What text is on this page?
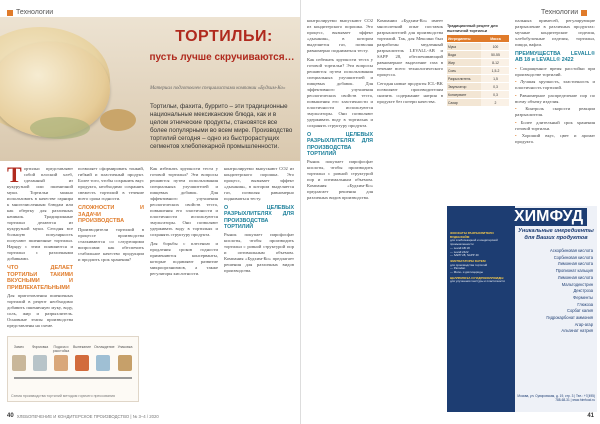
Технологии
ТОРТИЛЬИ:
пусть лучше скручиваются…
Материал подготовлен специалистами компании «Будхим-Ко»
Тортильи, фахита, буррито – эти традиционные национальные мексиканские блюда, как и в целом этнические продукты, становятся все более популярными во всем мире. Производство тортилий сегодня – одно из быстрорастущих сегментов хлебопекарной промышленности.
Т ортильи представляют собой плоский хлеб, сделанный из кукурузной или пшеничной муки. Тортильи можно использовать в качестве гарнира к многочисленным блюдам или как обертку для различных начинок. Традиционные тортильи делаются из кукурузной муки. Сегодня все большую популярность получают пшеничные тортильи. Наряду с этим появляются и тортильи с различными добавками.
ЧТО ДЕЛАЕТ ТОРТИЛЬИ ТАКИМИ ВКУСНЫМИ И ПРИВЛЕКАТЕЛЬНЫМИ
Для приготовления пшеничных тортилий в рецепт необходимо добавить пшеничную муку, воду, соль, жир и разрыхлитель. Основные этапы производства представлены на схеме.
позволяет сформировать тонкий, гибкий и пластичный продукт. Более того, чтобы сохранить вкус продукта, необходимо сохранять свежесть тортилий в течение всего срока годности.
СЛОЖНОСТИ И ЗАДАЧИ ПРОИЗВОДСТВА
Производители тортилий в процессе производства сталкиваются со следующими вопросами: как обеспечить стабильное качество продукции и продлить срок хранения?
Как избежать хрупкости теста у готовой тортильи? Эти вопросы решаются путем использования специальных улучшителей и пищевых добавок. Для эффективного улучшения реологических свойств теста, повышения его эластичности и пластичности используются эмульгаторы. Они позволяют удерживать воду в тортильях и сохранять структуру продукта.
Для борьбы с плесенью и продления сроков годности применяются консерванты, которые подавляют развитие микроорганизмов, а также регуляторы кислотности.
контролируемо выпускают СО2 из кондитерского порошка. Это процесс, вызывает эффект «дыхания», в котором выделяется газ, позволяя равномерно подниматься тесту.
О ЦЕЛЕВЫХ РАЗРЫХЛИТЕЛЯХ ДЛЯ ПРОИЗВОДСТВА ТОРТИЛИЙ
Рынок покупает пирофосфат кислоты, чтобы производить тортильи с ровной структурой пор и оптимальным объемом. Компания «Будхим-Ко» предлагает решения для различных видов производства.
Замес	Формовка	Подача и расстойка
Выпекание Охлаждение Упаковка
Схема производства тортилий методом горячего прессования
40 ХЛЕБОПЕЧЕНИЕ И КОНДИТЕРСКОЕ ПРОИЗВОДСТВО | № 3–4 / 2020
Технологии
контролируемо выпускают СО2 из кондитерского порошка. Это процесс, вызывает эффект «дыхания», в котором выделяется газ, позволяя равномерно подниматься тесту.
Как избежать хрупкости теста у готовой тортильи? Эти вопросы решаются путем использования специальных улучшителей и пищевых добавок. Для эффективного улучшения реологических свойств теста, повышения его эластичности и пластичности используются эмульгаторы. Они позволяют удерживать воду в тортильях и сохранять структуру продукта.
О ЦЕЛЕВЫХ РАЗРЫХЛИТЕЛЯХ ДЛЯ ПРОИЗВОДСТВА ТОРТИЛИЙ
Рынок покупает пирофосфат кислоты, чтобы производить тортильи с ровной структурой пор и оптимальным объемом. Компания «Будхим-Ко» предлагает решения для различных видов производства.
Компании «Будхим-Ко» имеет многолетний опыт поставок разрыхлителей для производства тортилий. Так, для Мексики был разработан медленный разрыхлитель LEVALL-AB и SAPP 28, обеспечивающий равномерное выделение газа в течение всего технологического процесса.
Сегодня новые продукты ICL-BK позволяют производителям снизить содержание натрия в продукте без потери качества.
Традиционный рецепт для пшеничной тортильи
Ингредиенты	Масса
Мука	100
Вода	50-55
Жир	8-12
Соль	1,5-2
Разрыхлитель	1,5
Эмульгатор	0,3
Консервант	0,3
Сахар	2
пальных примесей, регулирующие разрыхление в различных продуктах: мучные кондитерские изделия, хлебобулочные изделия, тортильи, пицца, вафли.
ПРЕИМУЩЕСТВА LEVALL® AB 18 и LEVALL® 2422
• Сокращенное время расстойки при производстве тортилий.
• Лучшая хрупкость, эластичность и пластичность тортилий.
• Равномерное распределение пор по всему объему изделия.
• Контроль скорости реакции разрыхлителя.
• Более длительный срок хранения готовой тортильи.
• Хороший вкус, цвет и аромат продукта.
ХИМФУД
Уникальные ингредиенты для Ваших продуктов
ФОСФАТЫ РАЗРЫХЛИТЕЛИ БУДЕНХЕЙМ
для хлебопекарной и кондитерской промышленности
— Levall AB 18
— Levall 2422
— SAPP 28, SAPP 40
ЭМУЛЬГАТОРЫ DATEM
для производства тортилий
— Panodan
— Mono- и диглицериды
ЦЕЛЛЮЛОЗА И ГИДРОКОЛЛОИДЫ
для улучшения текстуры и пластичности
Аскорбиновая кислота
Сорбиновая кислота
Лимонная кислота
Пропионат кальция
Лимонная кислота
Мальтодекстрин
Декстроза
Ферменты
Глюкоза
Сорбат калия
Гидрокарбонат аммония
Агар-агар
Альгинат натрия
Москва, ул. Суворовская, д. 19, стр. 3 | Тел.: +7(495) 788-68-31 | www.himfood.ru
41
